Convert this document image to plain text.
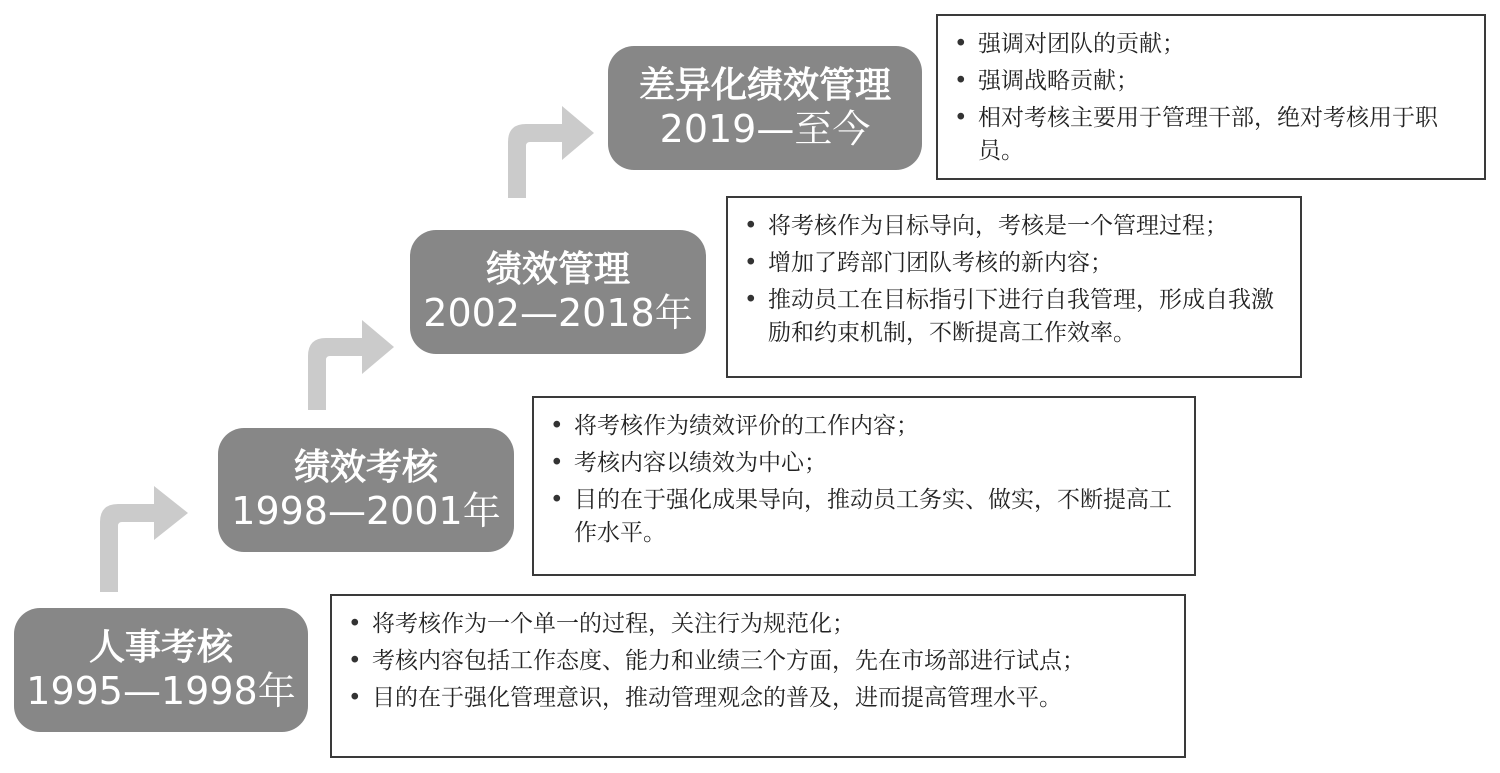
人事考核
1995—1998年
绩效考核
1998—2001年
绩效管理
2002—2018年
差异化绩效管理
2019—至今
• 将考核作为一个单一的过程，关注行为规范化；
• 考核内容包括工作态度、能力和业绩三个方面，先在市场部进行试点；
• 目的在于强化管理意识，推动管理观念的普及，进而提高管理水平。
• 将考核作为绩效评价的工作内容；
• 考核内容以绩效为中心；
• 目的在于强化成果导向，推动员工务实、做实，不断提高工作水平。
• 将考核作为目标导向，考核是一个管理过程；
• 增加了跨部门团队考核的新内容；
• 推动员工在目标指引下进行自我管理，形成自我激励和约束机制，不断提高工作效率。
• 强调对团队的贡献；
• 强调战略贡献；
• 相对考核主要用于管理干部，绝对考核用于职员。
